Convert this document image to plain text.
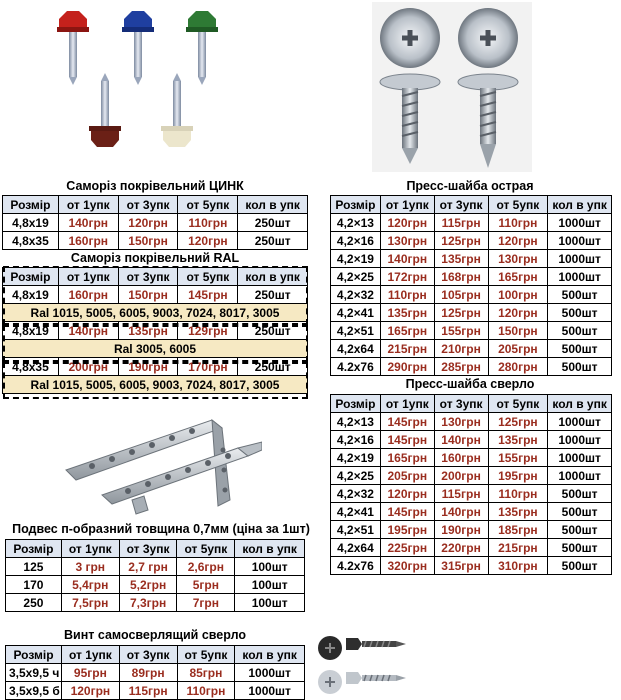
Саморіз покрівельний ЦИНК
Розмір	от 1упк	от 3упк	от 5упк	кол в упк
4,8х19	140грн	120грн	110грн	250шт
4,8х35	160грн	150грн	120грн	250шт
Саморіз покрівельний RAL
Розмір	от 1упк	от 3упк	от 5упк	кол в упк
4,8х19	160грн	150грн	145грн	250шт
Ral 1015, 5005, 6005, 9003, 7024, 8017, 3005				
4,8х19	140грн	135грн	129грн	250шт
Ral 3005, 6005				
4,8х35	200грн	190грн	170грн	250шт
Ral 1015, 5005, 6005, 9003, 7024, 8017, 3005				
Подвес п-образний товщина 0,7мм (ціна за 1шт)
Розмір	от 1упк	от 3упк	от 5упк	кол в упк
125	3 грн	2,7 грн	2,6грн	100шт
170	5,4грн	5,2грн	5грн	100шт
250	7,5грн	7,3грн	7грн	100шт
Винт самосверлящий сверло
Розмір	от 1упк	от 3упк	от 5упк	кол в упк
3,5х9,5 ч	95грн	89грн	85грн	1000шт
3,5х9,5 б	120грн	115грн	110грн	1000шт
Пресс-шайба острая
Розмір	от 1упк	от 3упк	от 5упк	кол в упк
4,2×13	120грн	115грн	110грн	1000шт
4,2×16	130грн	125грн	120грн	1000шт
4,2×19	140грн	135грн	130грн	1000шт
4,2×25	172грн	168грн	165грн	1000шт
4,2×32	110грн	105грн	100грн	500шт
4,2×41	135грн	125грн	120грн	500шт
4,2×51	165грн	155грн	150грн	500шт
4,2х64	215грн	210грн	205грн	500шт
4.2х76	290грн	285грн	280грн	500шт
Пресс-шайба сверло
Розмір	от 1упк	от 3упк	от 5упк	кол в упк
4,2×13	145грн	130грн	125грн	1000шт
4,2×16	145грн	140грн	135грн	1000шт
4,2×19	165грн	160грн	155грн	1000шт
4,2×25	205грн	200грн	195грн	1000шт
4,2×32	120грн	115грн	110грн	500шт
4,2×41	145грн	140грн	135грн	500шт
4,2×51	195грн	190грн	185грн	500шт
4,2х64	225грн	220грн	215грн	500шт
4.2х76	320грн	315грн	310грн	500шт
